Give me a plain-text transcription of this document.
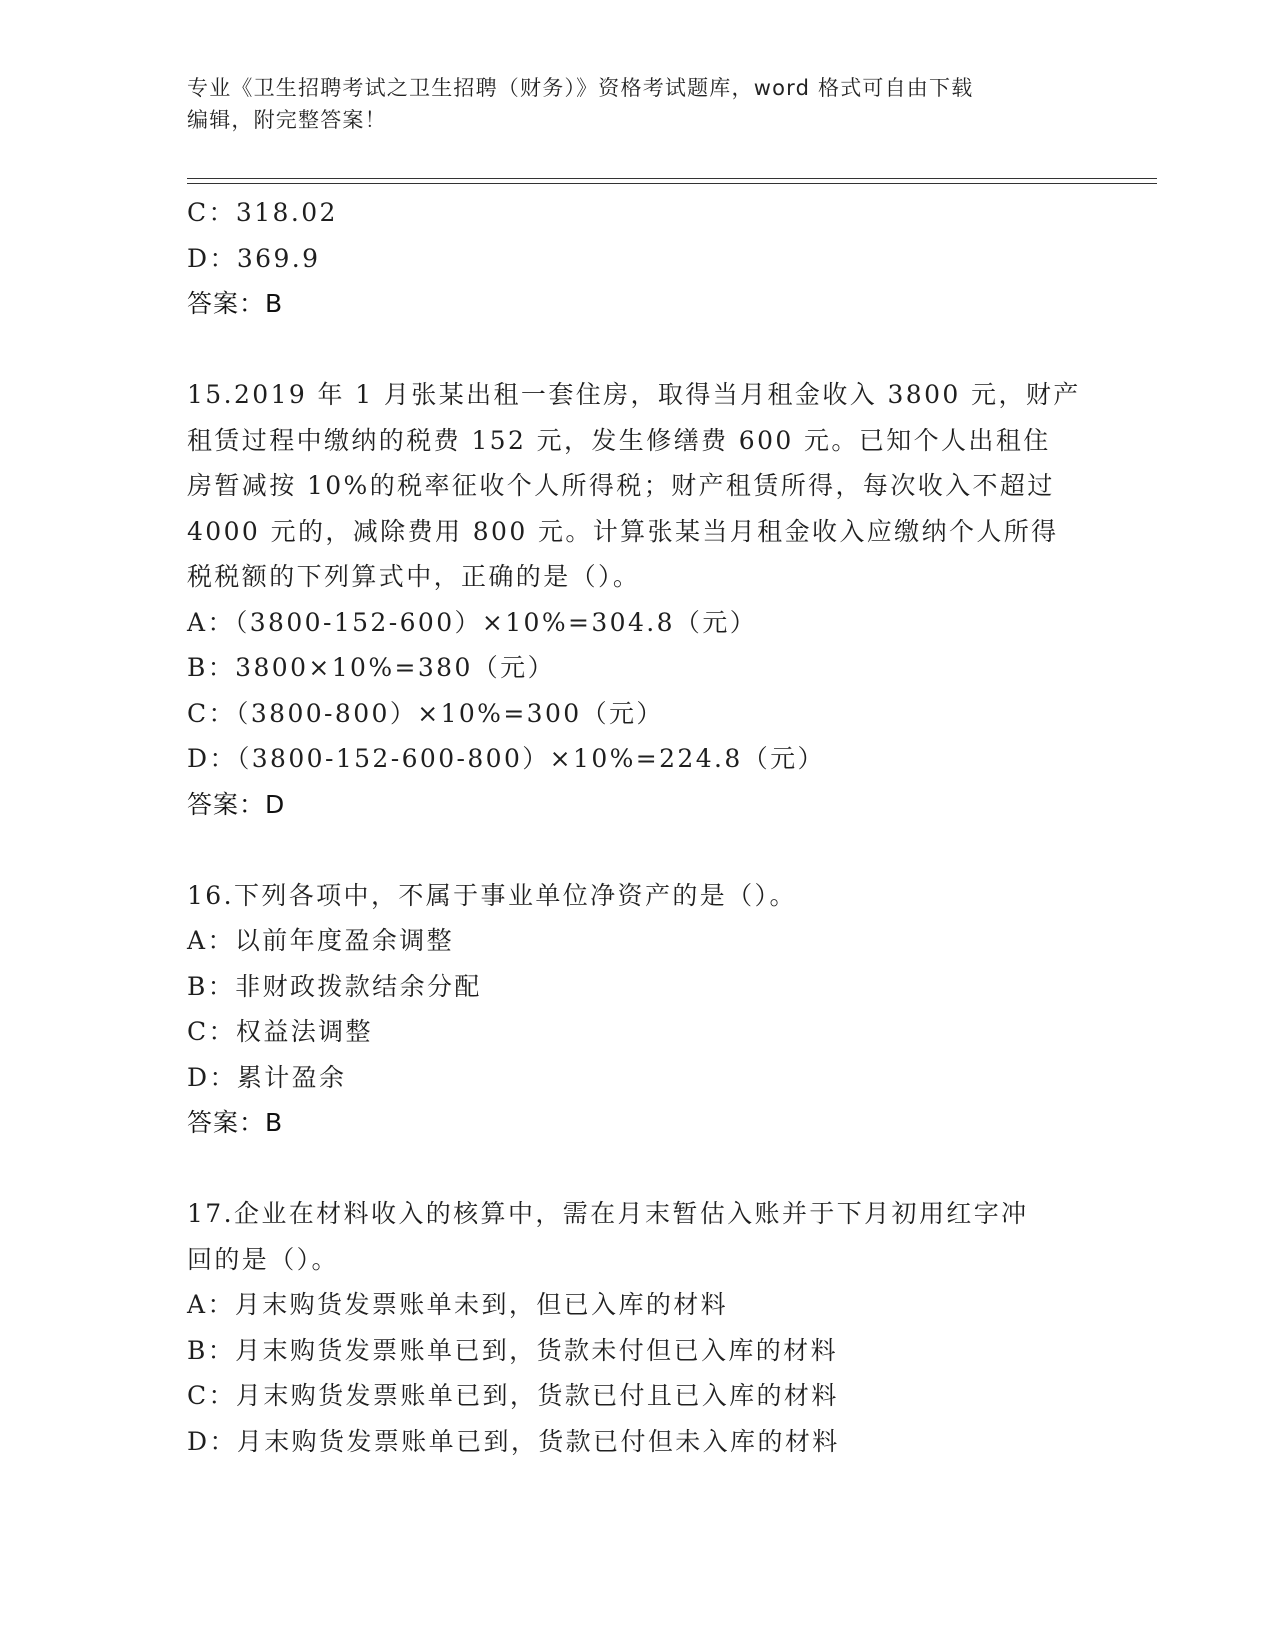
专业《卫生招聘考试之卫生招聘（财务）》资格考试题库，word 格式可自由下载
编辑，附完整答案！
C：318.02
D：369.9
答案：B
15.2019 年 1 月张某出租一套住房，取得当月租金收入 3800 元，财产
租赁过程中缴纳的税费 152 元，发生修缮费 600 元。已知个人出租住
房暂减按 10%的税率征收个人所得税；财产租赁所得，每次收入不超过
4000 元的，减除费用 800 元。计算张某当月租金收入应缴纳个人所得
税税额的下列算式中，正确的是（）。
A：（3800-152-600）×10%=304.8（元）
B：3800×10%=380（元）
C：（3800-800）×10%=300（元）
D：（3800-152-600-800）×10%=224.8（元）
答案：D
16.下列各项中，不属于事业单位净资产的是（）。
A：以前年度盈余调整
B：非财政拨款结余分配
C：权益法调整
D：累计盈余
答案：B
17.企业在材料收入的核算中，需在月末暂估入账并于下月初用红字冲
回的是（）。
A：月末购货发票账单未到，但已入库的材料
B：月末购货发票账单已到，货款未付但已入库的材料
C：月末购货发票账单已到，货款已付且已入库的材料
D：月末购货发票账单已到，货款已付但未入库的材料
